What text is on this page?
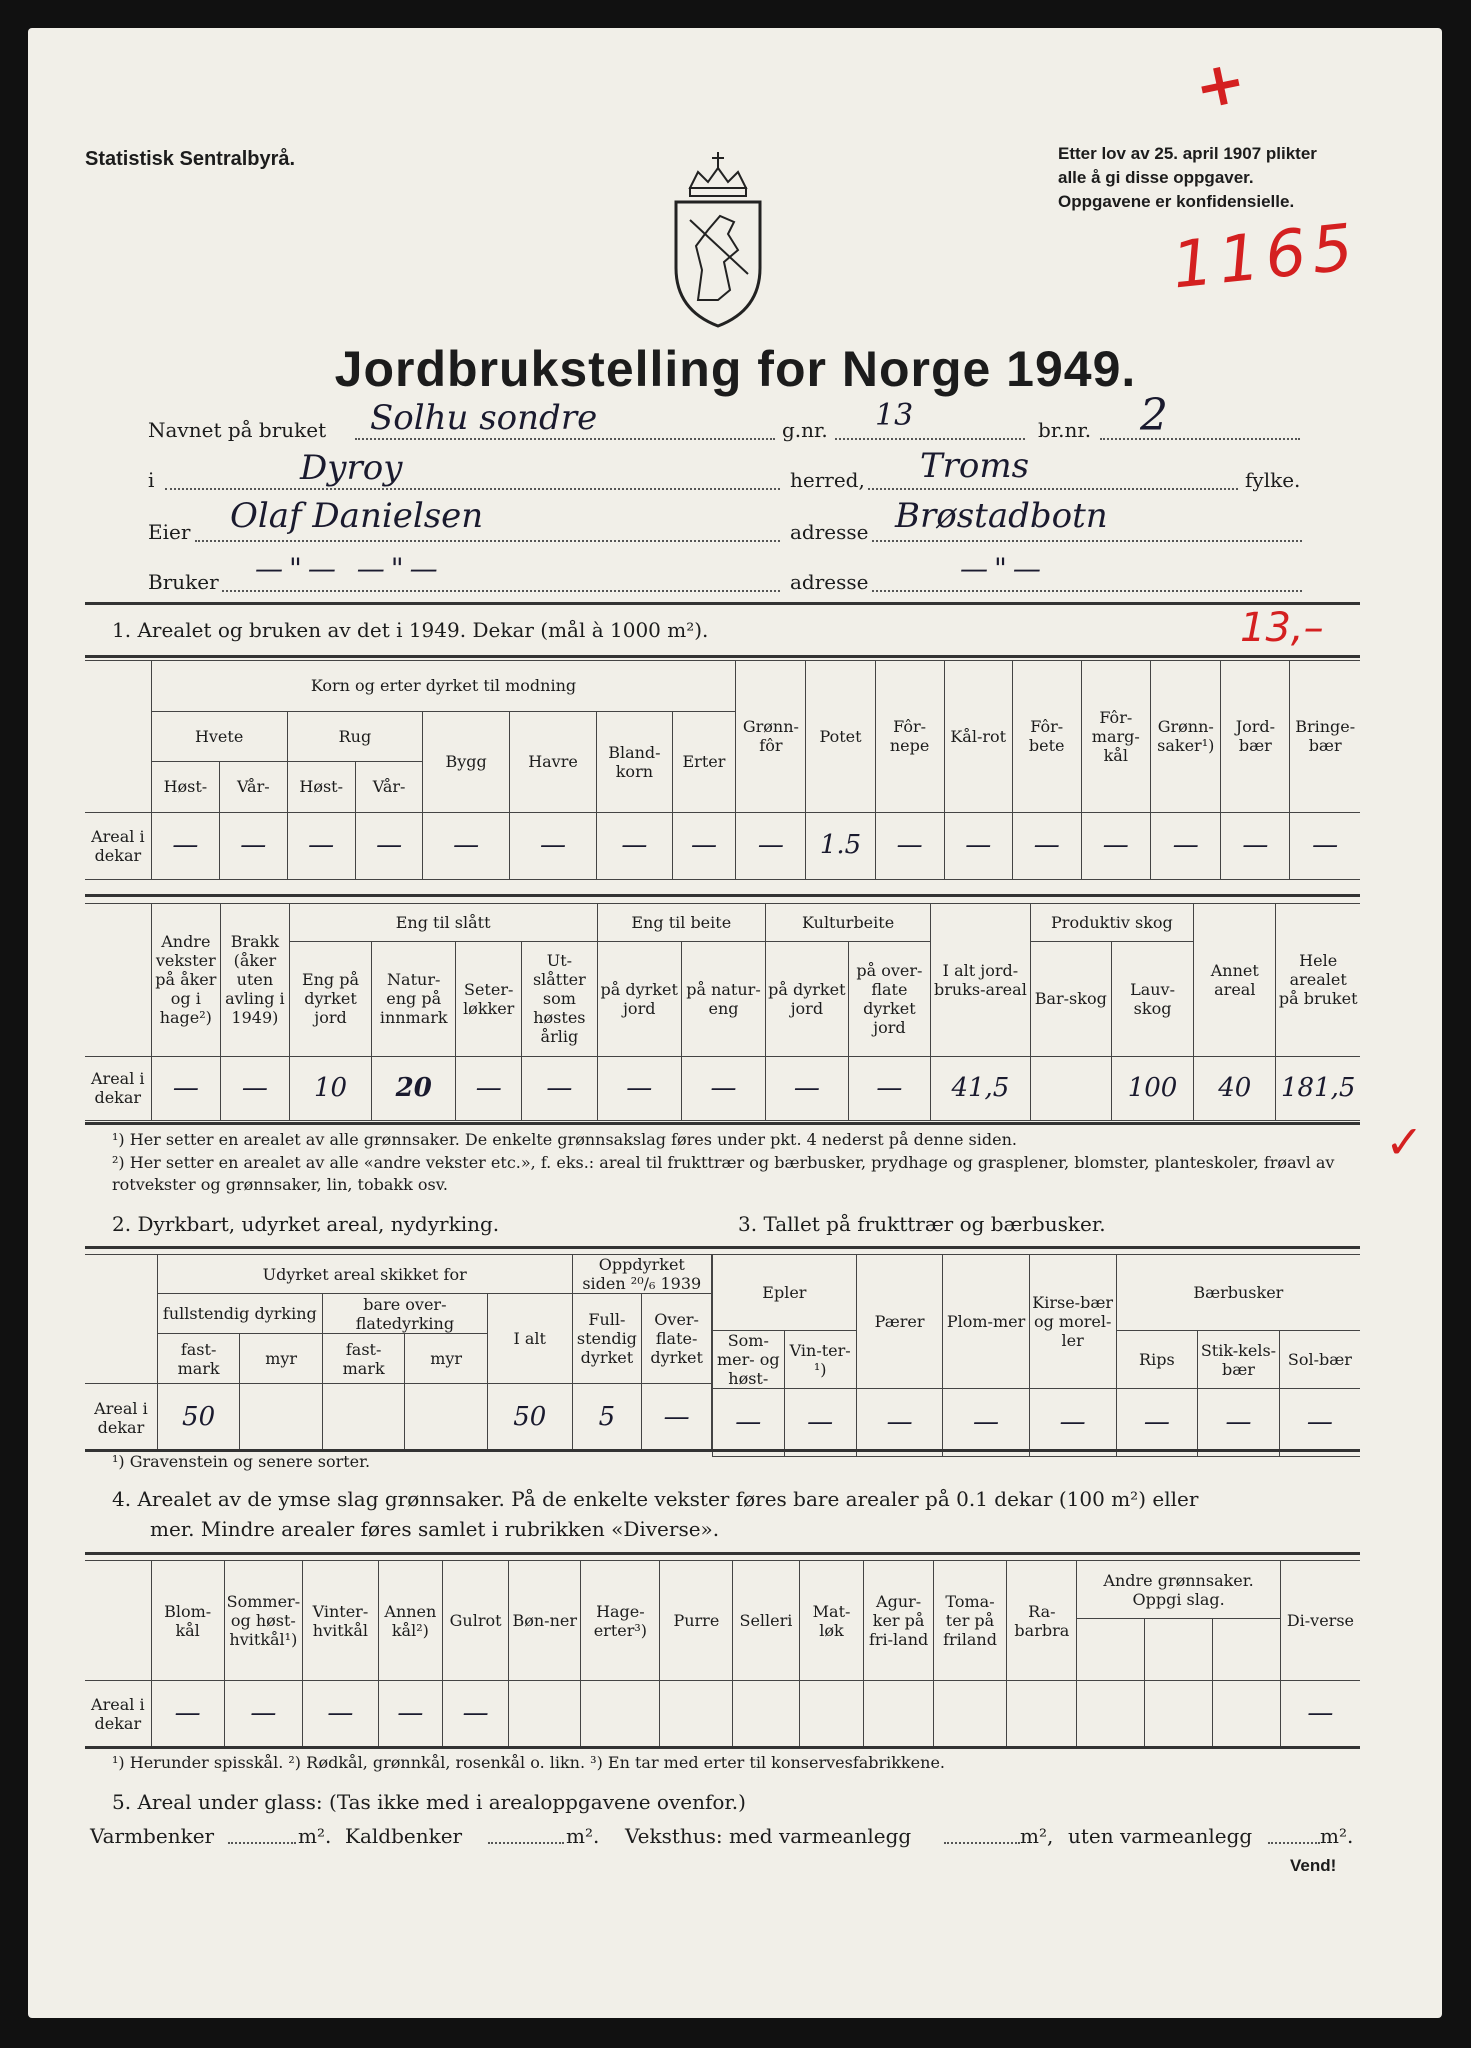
Statistisk Sentralbyrå.	Etter lov av 25. april 1907 plikter
alle å gi disse oppgaver.
Oppgavene er konfidensielle.
+
1165
Jordbrukstelling for Norge 1949.
Navnet på bruket Solhu sondre	g.nr. 13	br.nr. 2
i	Dyroy	herred, Troms	fylke.
Eier Olaf Danielsen	adresse Brøstadbotn
Bruker —"— —"—	adresse	—"—
1. Arealet og bruken av det i 1949. Dekar (mål à 1000 m²).	13,–
	Korn og erter dyrket til modning								Grønn-fôr	Potet	Fôr-nepe	Kål-rot	Fôr-bete	Fôr-marg-kål	Grønn-saker¹)	Jord-bær	Bringe-bær
	Hvete		Rug		Bygg	Havre	Bland-korn	Erter									
	Høst-	Vår-	Høst-	Vår-													
Areal i dekar	—	—	—	—	—	—	—	—	—	1.5	—	—	—	—	—	—	—
	Andre vekster på åker og i hage²)	Brakk (åker uten avling i 1949)	Eng til slått				Eng til beite		Kulturbeite		I alt jord-bruks-areal	Produktiv skog		Annet areal	Hele arealet på bruket
			Eng på dyrket jord	Natur-eng på innmark	Seter-løkker	Ut-slåtter som høstes årlig	på dyrket jord	på natur-eng	på dyrket jord	på over-flate dyrket jord		Bar-skog	Lauv-skog		
Areal i dekar	—	—	10	20	—	—	—	—	—	—	41,5		100	40	181,5
¹) Her setter en arealet av alle grønnsaker. De enkelte grønnsakslag føres under pkt. 4 nederst på denne siden.
²) Her setter en arealet av alle «andre vekster etc.», f. eks.: areal til frukttrær og bærbusker, prydhage og grasplener, blomster, planteskoler, frøavl av rotvekster og grønnsaker, lin, tobakk osv.
✓
2. Dyrkbart, udyrket areal, nydyrking.	3. Tallet på frukttrær og bærbusker.
	Udyrket areal skikket for					Oppdyrket siden ²⁰/₆ 1939	
	fullstendig dyrking		bare over-flatedyrking		I alt	Full-stendig dyrket	Over-flate-dyrket
	fast-mark	myr	fast-mark	myr			
Areal i dekar	50				50	5	—
Epler		Pærer	Plom-mer	Kirse-bær og morel-ler	Bærbusker		
Som-mer- og høst-	Vin-ter-¹)				Rips	Stik-kels-bær	Sol-bær
—	—	—	—	—	—	—	—
¹) Gravenstein og senere sorter.
4. Arealet av de ymse slag grønnsaker. På de enkelte vekster føres bare arealer på 0.1 dekar (100 m²) eller
mer. Mindre arealer føres samlet i rubrikken «Diverse».
	Blom-kål	Sommer- og høst-hvitkål¹)	Vinter-hvitkål	Annen kål²)	Gulrot	Bøn-ner	Hage-erter³)	Purre	Selleri	Mat-løk	Agur-ker på fri-land	Toma-ter på friland	Ra-barbra	Andre grønnsaker. Oppgi slag.			Di-verse

Areal i dekar	—	—	—	—	—												—
¹) Herunder spisskål. ²) Rødkål, grønnkål, rosenkål o. likn. ³) En tar med erter til konservesfabrikkene.
5. Areal under glass: (Tas ikke med i arealoppgavene ovenfor.)
Varmbenker	m². Kaldbenker	m². Veksthus: med varmeanlegg	m², uten varmeanlegg	m².
Vend!
